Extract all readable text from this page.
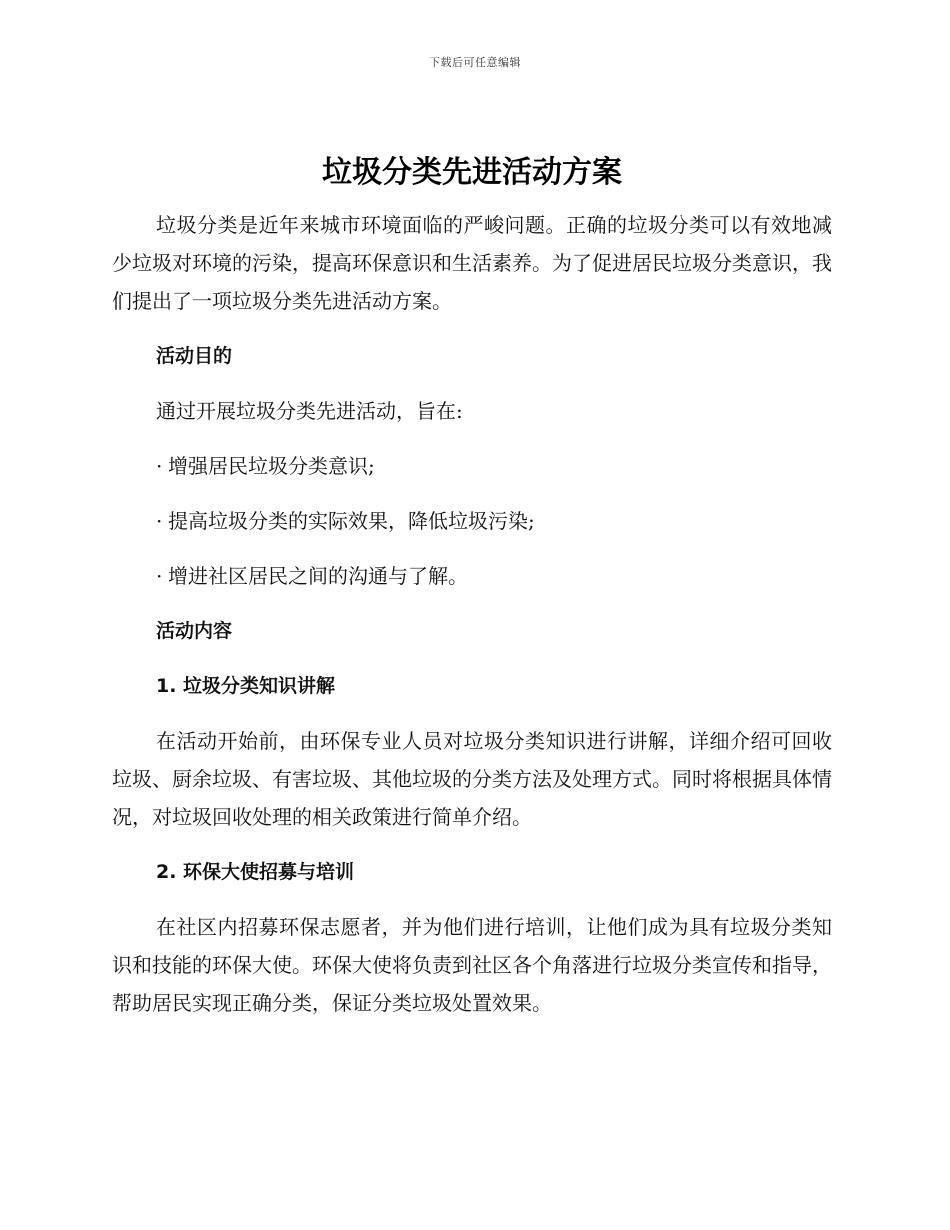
下载后可任意编辑
垃圾分类先进活动方案

垃圾分类是近年来城市环境面临的严峻问题。正确的垃圾分类可以有效地减少垃圾对环境的污染，提高环保意识和生活素养。为了促进居民垃圾分类意识，我们提出了一项垃圾分类先进活动方案。

活动目的

通过开展垃圾分类先进活动，旨在:

· 增强居民垃圾分类意识;

· 提高垃圾分类的实际效果，降低垃圾污染;

· 增进社区居民之间的沟通与了解。

活动内容

1. 垃圾分类知识讲解

在活动开始前，由环保专业人员对垃圾分类知识进行讲解，详细介绍可回收垃圾、厨余垃圾、有害垃圾、其他垃圾的分类方法及处理方式。同时将根据具体情况，对垃圾回收处理的相关政策进行简单介绍。

2. 环保大使招募与培训

在社区内招募环保志愿者，并为他们进行培训，让他们成为具有垃圾分类知识和技能的环保大使。环保大使将负责到社区各个角落进行垃圾分类宣传和指导，帮助居民实现正确分类，保证分类垃圾处置效果。
